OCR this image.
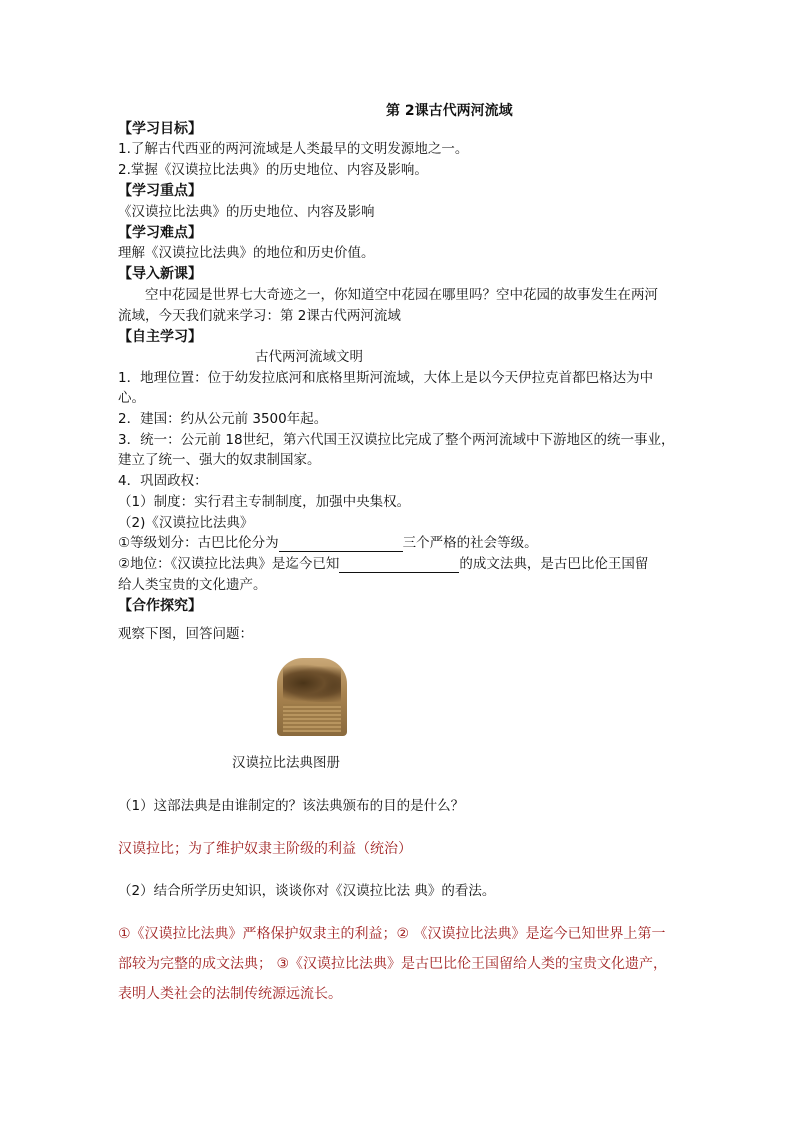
第 2课古代两河流域
【学习目标】
1.了解古代西亚的两河流域是人类最早的文明发源地之一。
2.掌握《汉谟拉比法典》的历史地位、内容及影响。
【学习重点】
《汉谟拉比法典》的历史地位、内容及影响
【学习难点】
理解《汉谟拉比法典》的地位和历史价值。
【导入新课】
空中花园是世界七大奇迹之一，你知道空中花园在哪里吗？空中花园的故事发生在两河
流域，今天我们就来学习：第 2课古代两河流域
【自主学习】
古代两河流域文明
1．地理位置：位于幼发拉底河和底格里斯河流域，大体上是以今天伊拉克首都巴格达为中
心。
2．建国：约从公元前 3500年起。
3．统一：公元前 18世纪，第六代国王汉谟拉比完成了整个两河流域中下游地区的统一事业，
建立了统一、强大的奴隶制国家。
4．巩固政权：
（1）制度：实行君主专制制度，加强中央集权。
（2)《汉谟拉比法典》
①等级划分：古巴比伦分为	三个严格的社会等级。
②地位：《汉谟拉比法典》是迄今已知	的成文法典，是古巴比伦王国留
给人类宝贵的文化遗产。
【合作探究】
观察下图，回答问题：
汉谟拉比法典图册
（1）这部法典是由谁制定的？该法典颁布的目的是什么？
汉谟拉比；为了维护奴隶主阶级的利益（统治）
（2）结合所学历史知识，谈谈你对《汉谟拉比法 典》的看法。
①《汉谟拉比法典》严格保护奴隶主的利益；② 《汉谟拉比法典》是迄今已知世界上第一
部较为完整的成文法典； ③《汉谟拉比法典》是古巴比伦王国留给人类的宝贵文化遗产，
表明人类社会的法制传统源远流长。
